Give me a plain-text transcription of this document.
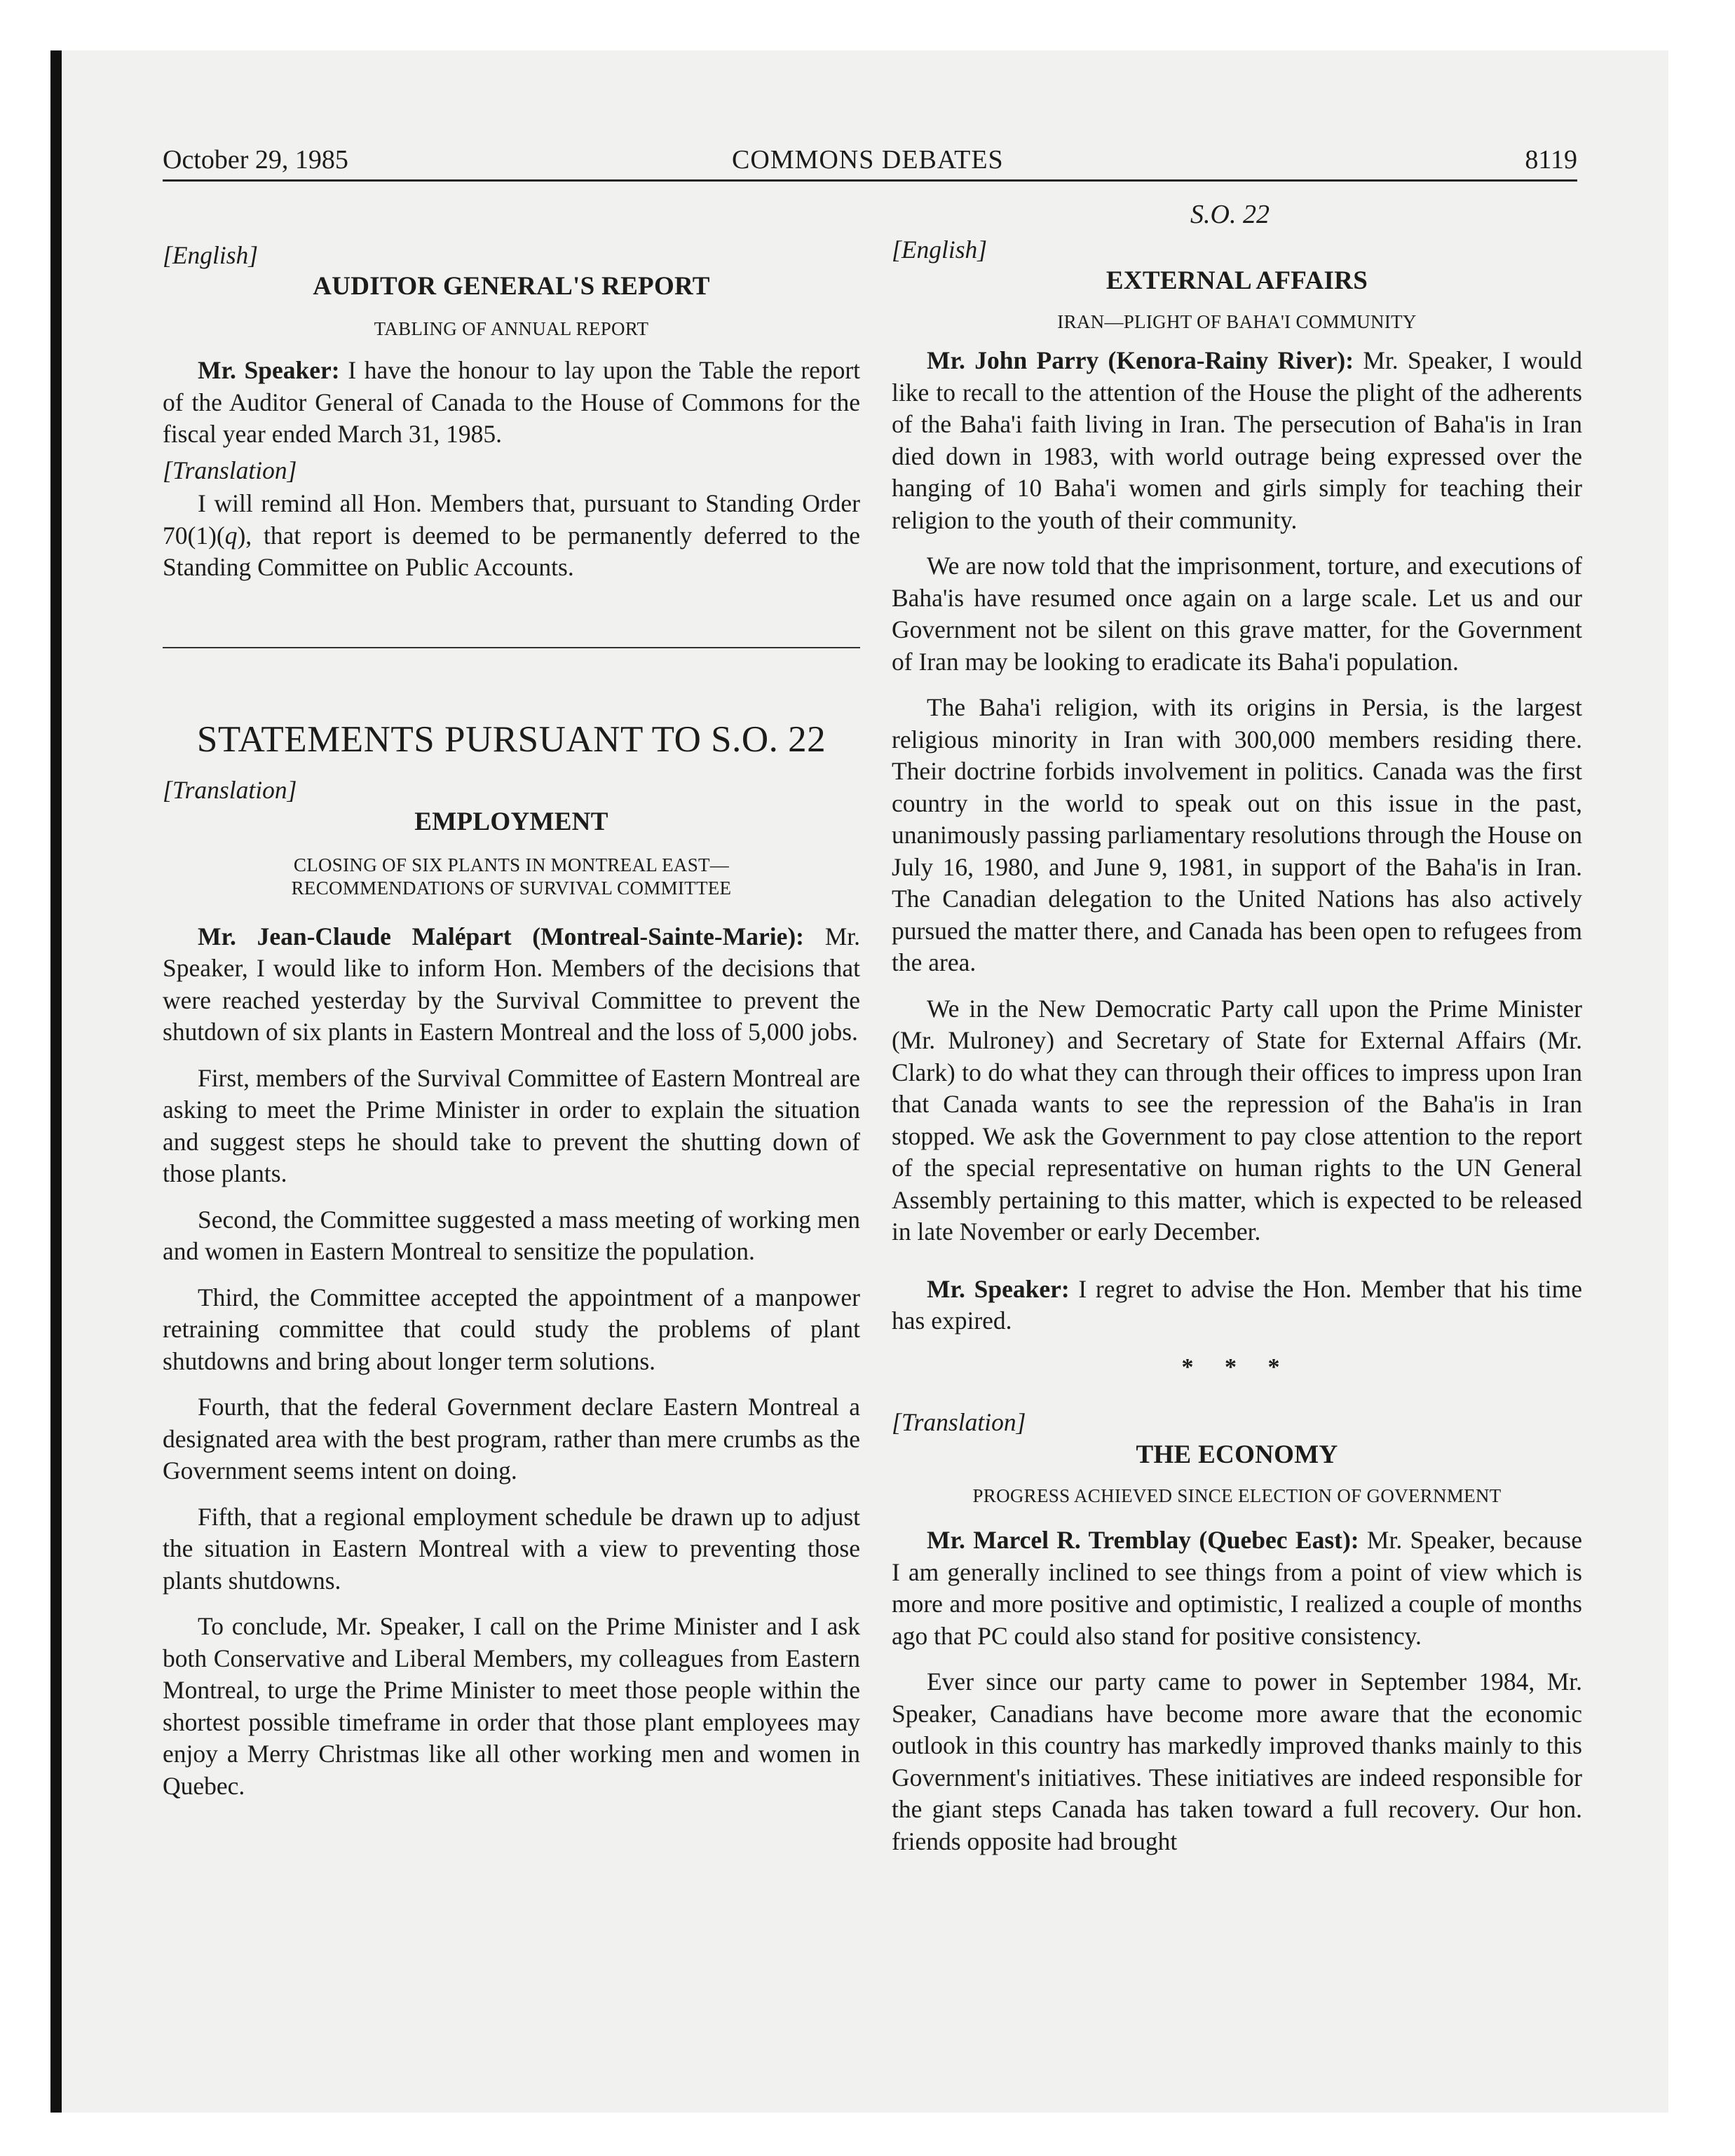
October 29, 1985	COMMONS DEBATES	8119
S.O. 22
[English]
AUDITOR GENERAL'S REPORT
TABLING OF ANNUAL REPORT

Mr. Speaker: I have the honour to lay upon the Table the report of the Auditor General of Canada to the House of Commons for the fiscal year ended March 31, 1985.

[Translation]

I will remind all Hon. Members that, pursuant to Standing Order 70(1)(q), that report is deemed to be permanently deferred to the Standing Committee on Public Accounts.

STATEMENTS PURSUANT TO S.O. 22
[Translation]
EMPLOYMENT
CLOSING OF SIX PLANTS IN MONTREAL EAST—
RECOMMENDATIONS OF SURVIVAL COMMITTEE

Mr. Jean-Claude Malépart (Montreal-Sainte-Marie): Mr. Speaker, I would like to inform Hon. Members of the decisions that were reached yesterday by the Survival Committee to prevent the shutdown of six plants in Eastern Montreal and the loss of 5,000 jobs.

First, members of the Survival Committee of Eastern Montreal are asking to meet the Prime Minister in order to explain the situation and suggest steps he should take to prevent the shutting down of those plants.

Second, the Committee suggested a mass meeting of working men and women in Eastern Montreal to sensitize the population.

Third, the Committee accepted the appointment of a manpower retraining committee that could study the problems of plant shutdowns and bring about longer term solutions.

Fourth, that the federal Government declare Eastern Montreal a designated area with the best program, rather than mere crumbs as the Government seems intent on doing.

Fifth, that a regional employment schedule be drawn up to adjust the situation in Eastern Montreal with a view to preventing those plants shutdowns.

To conclude, Mr. Speaker, I call on the Prime Minister and I ask both Conservative and Liberal Members, my colleagues from Eastern Montreal, to urge the Prime Minister to meet those people within the shortest possible timeframe in order that those plant employees may enjoy a Merry Christmas like all other working men and women in Quebec.

[English]
EXTERNAL AFFAIRS
IRAN—PLIGHT OF BAHA'I COMMUNITY

Mr. John Parry (Kenora-Rainy River): Mr. Speaker, I would like to recall to the attention of the House the plight of the adherents of the Baha'i faith living in Iran. The persecution of Baha'is in Iran died down in 1983, with world outrage being expressed over the hanging of 10 Baha'i women and girls simply for teaching their religion to the youth of their community.

We are now told that the imprisonment, torture, and executions of Baha'is have resumed once again on a large scale. Let us and our Government not be silent on this grave matter, for the Government of Iran may be looking to eradicate its Baha'i population.

The Baha'i religion, with its origins in Persia, is the largest religious minority in Iran with 300,000 members residing there. Their doctrine forbids involvement in politics. Canada was the first country in the world to speak out on this issue in the past, unanimously passing parliamentary resolutions through the House on July 16, 1980, and June 9, 1981, in support of the Baha'is in Iran. The Canadian delegation to the United Nations has also actively pursued the matter there, and Canada has been open to refugees from the area.

We in the New Democratic Party call upon the Prime Minister (Mr. Mulroney) and Secretary of State for External Affairs (Mr. Clark) to do what they can through their offices to impress upon Iran that Canada wants to see the repression of the Baha'is in Iran stopped. We ask the Government to pay close attention to the report of the special representative on human rights to the UN General Assembly pertaining to this matter, which is expected to be released in late November or early December.

Mr. Speaker: I regret to advise the Hon. Member that his time has expired.

* * *
[Translation]
THE ECONOMY
PROGRESS ACHIEVED SINCE ELECTION OF GOVERNMENT

Mr. Marcel R. Tremblay (Quebec East): Mr. Speaker, because I am generally inclined to see things from a point of view which is more and more positive and optimistic, I realized a couple of months ago that PC could also stand for positive consistency.

Ever since our party came to power in September 1984, Mr. Speaker, Canadians have become more aware that the economic outlook in this country has markedly improved thanks mainly to this Government's initiatives. These initiatives are indeed responsible for the giant steps Canada has taken toward a full recovery. Our hon. friends opposite had brought
